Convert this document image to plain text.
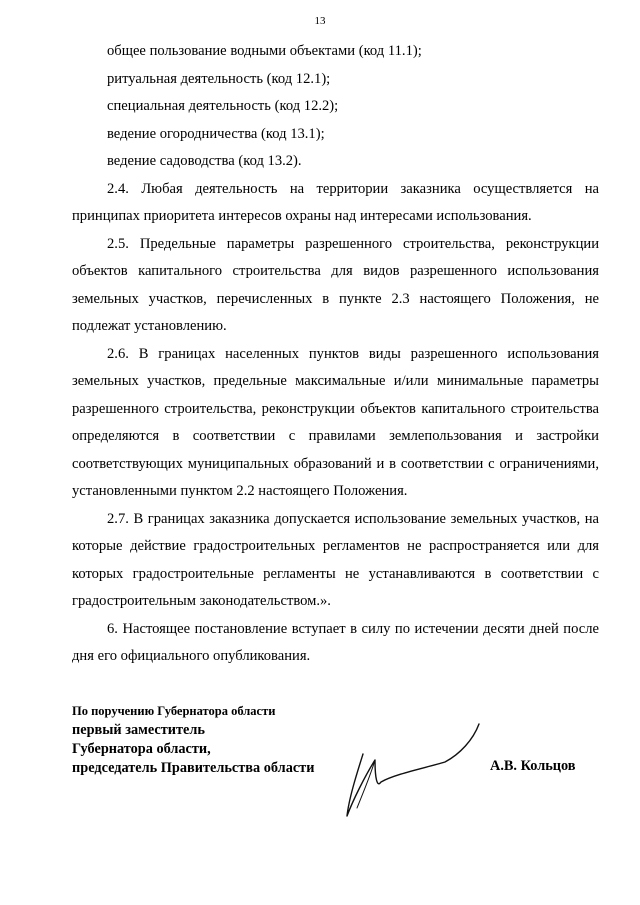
13
общее пользование водными объектами (код 11.1);
ритуальная деятельность (код 12.1);
специальная деятельность (код 12.2);
ведение огородничества (код 13.1);
ведение садоводства (код 13.2).

2.4. Любая деятельность на территории заказника осуществляется на принципах приоритета интересов охраны над интересами использования.

2.5. Предельные параметры разрешенного строительства, реконструкции объектов капитального строительства для видов разрешенного использования земельных участков, перечисленных в пункте 2.3 настоящего Положения, не подлежат установлению.

2.6. В границах населенных пунктов виды разрешенного использования земельных участков, предельные максимальные и/или минимальные параметры разрешенного строительства, реконструкции объектов капитального строительства определяются в соответствии с правилами землепользования и застройки соответствующих муниципальных образований и в соответствии с ограничениями, установленными пунктом 2.2 настоящего Положения.

2.7. В границах заказника допускается использование земельных участков, на которые действие градостроительных регламентов не распространяется или для которых градостроительные регламенты не устанавливаются в соответствии с градостроительным законодательством.».

6. Настоящее постановление вступает в силу по истечении десяти дней после дня его официального опубликования.

По поручению Губернатора области
первый заместитель
Губернатора области,
председатель Правительства области	А.В. Кольцов
